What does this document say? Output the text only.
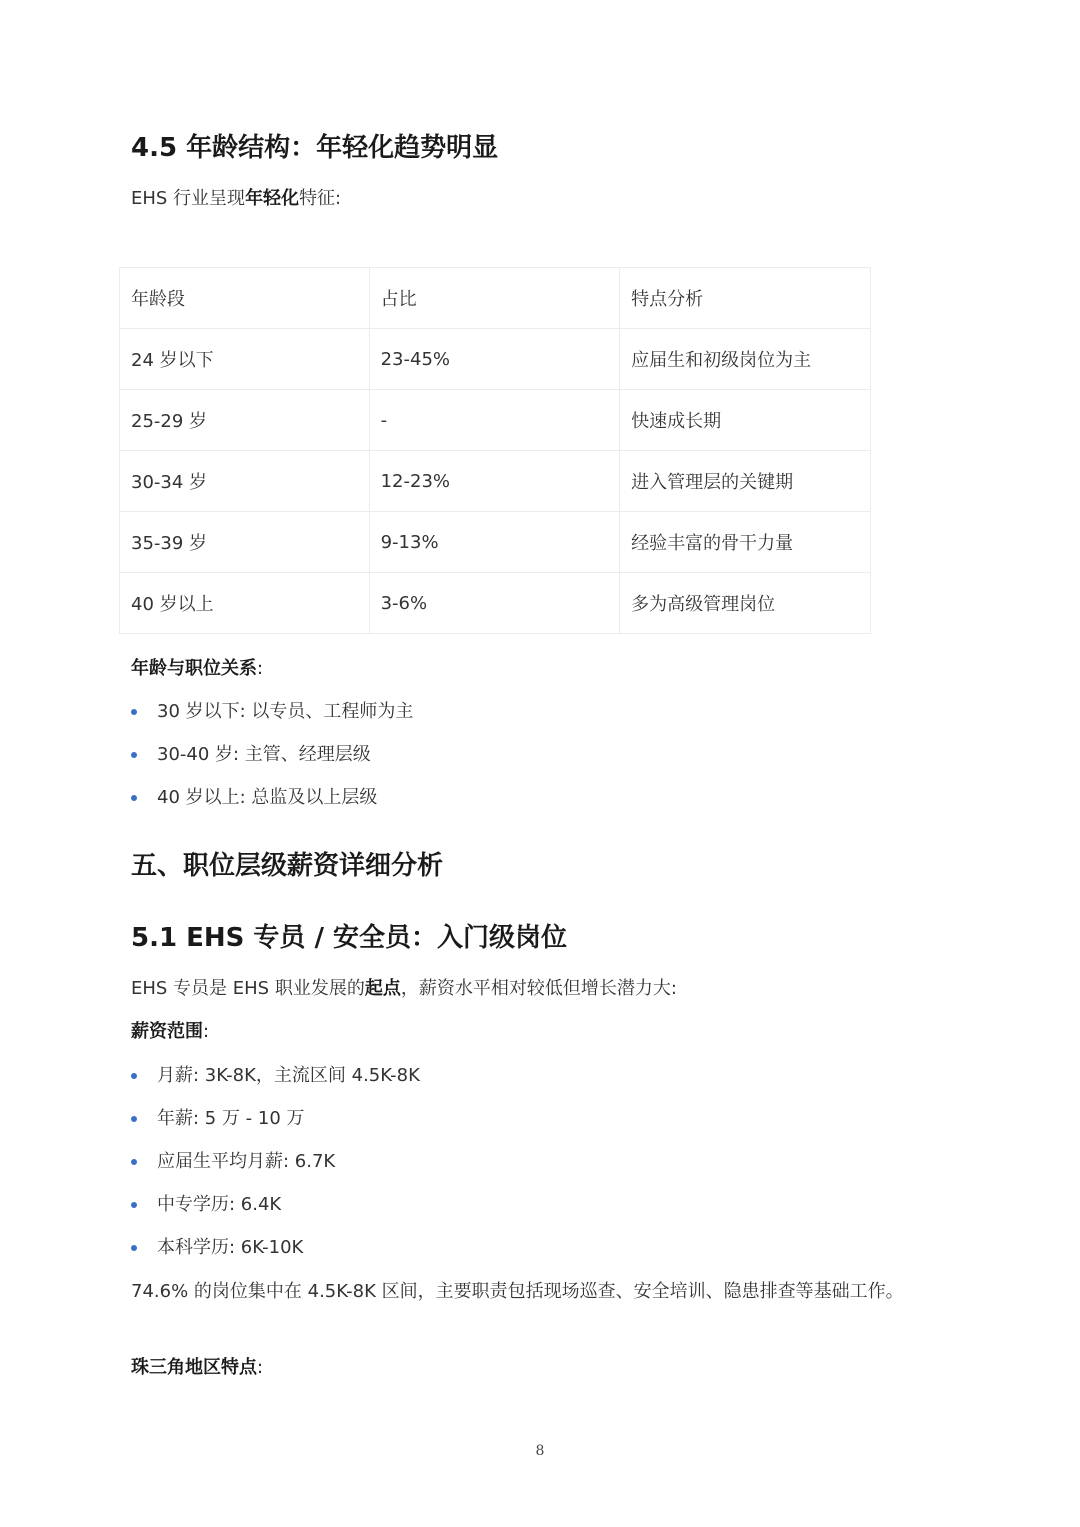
4.5 年龄结构：年轻化趋势明显
EHS 行业呈现年轻化特征:
年龄段	占比	特点分析
24 岁以下	23-45%	应届生和初级岗位为主
25-29 岁	-	快速成长期
30-34 岁	12-23%	进入管理层的关键期
35-39 岁	9-13%	经验丰富的骨干力量
40 岁以上	3-6%	多为高级管理岗位
年龄与职位关系:
30 岁以下: 以专员、工程师为主
30-40 岁: 主管、经理层级
40 岁以上: 总监及以上层级
五、职位层级薪资详细分析
5.1 EHS 专员 / 安全员：入门级岗位
EHS 专员是 EHS 职业发展的起点，薪资水平相对较低但增长潜力大:
薪资范围:
月薪: 3K-8K，主流区间 4.5K-8K
年薪: 5 万 - 10 万
应届生平均月薪: 6.7K
中专学历: 6.4K
本科学历: 6K-10K
74.6% 的岗位集中在 4.5K-8K 区间，主要职责包括现场巡查、安全培训、隐患排查等基础工作。
珠三角地区特点:
8
